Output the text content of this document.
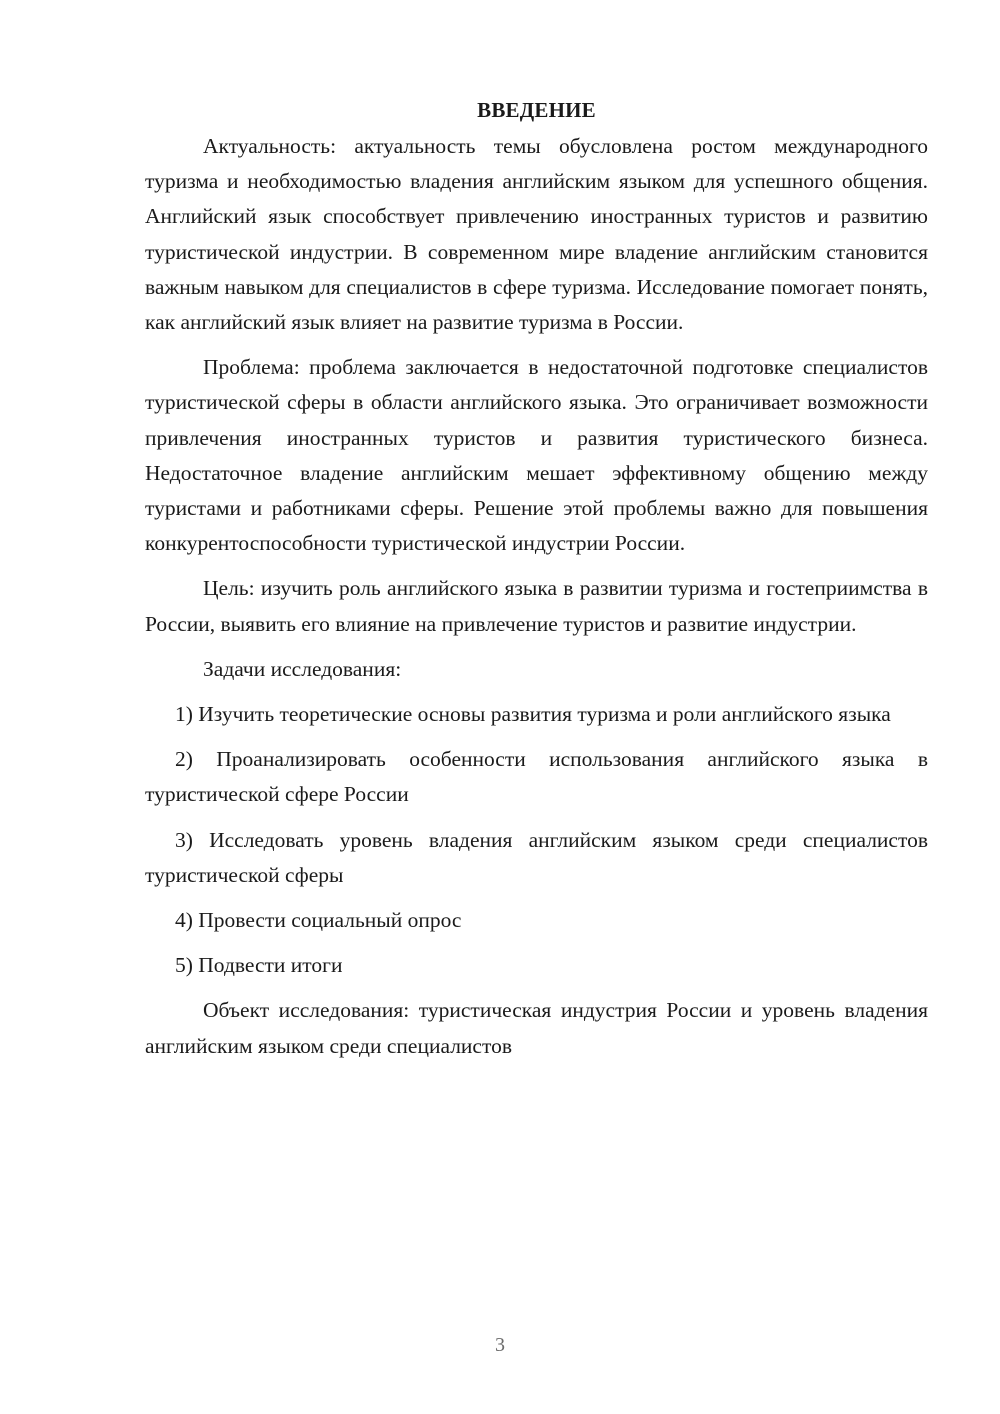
ВВЕДЕНИЕ

Актуальность: актуальность темы обусловлена ростом международного туризма и необходимостью владения английским языком для успешного общения. Английский язык способствует привлечению иностранных туристов и развитию туристической индустрии. В современном мире владение английским становится важным навыком для специалистов в сфере туризма. Исследование помогает понять, как английский язык влияет на развитие туризма в России.

Проблема: проблема заключается в недостаточной подготовке специалистов туристической сферы в области английского языка. Это ограничивает возможности привлечения иностранных туристов и развития туристического бизнеса. Недостаточное владение английским мешает эффективному общению между туристами и работниками сферы. Решение этой проблемы важно для повышения конкурентоспособности туристической индустрии России.

Цель: изучить роль английского языка в развитии туризма и гостеприимства в России, выявить его влияние на привлечение туристов и развитие индустрии.

Задачи исследования:

1) Изучить теоретические основы развития туризма и роли английского языка

2) Проанализировать особенности использования английского языка в туристической сфере России

3) Исследовать уровень владения английским языком среди специалистов туристической сферы

4) Провести социальный опрос

5) Подвести итоги

Объект исследования: туристическая индустрия России и уровень владения английским языком среди специалистов

3
